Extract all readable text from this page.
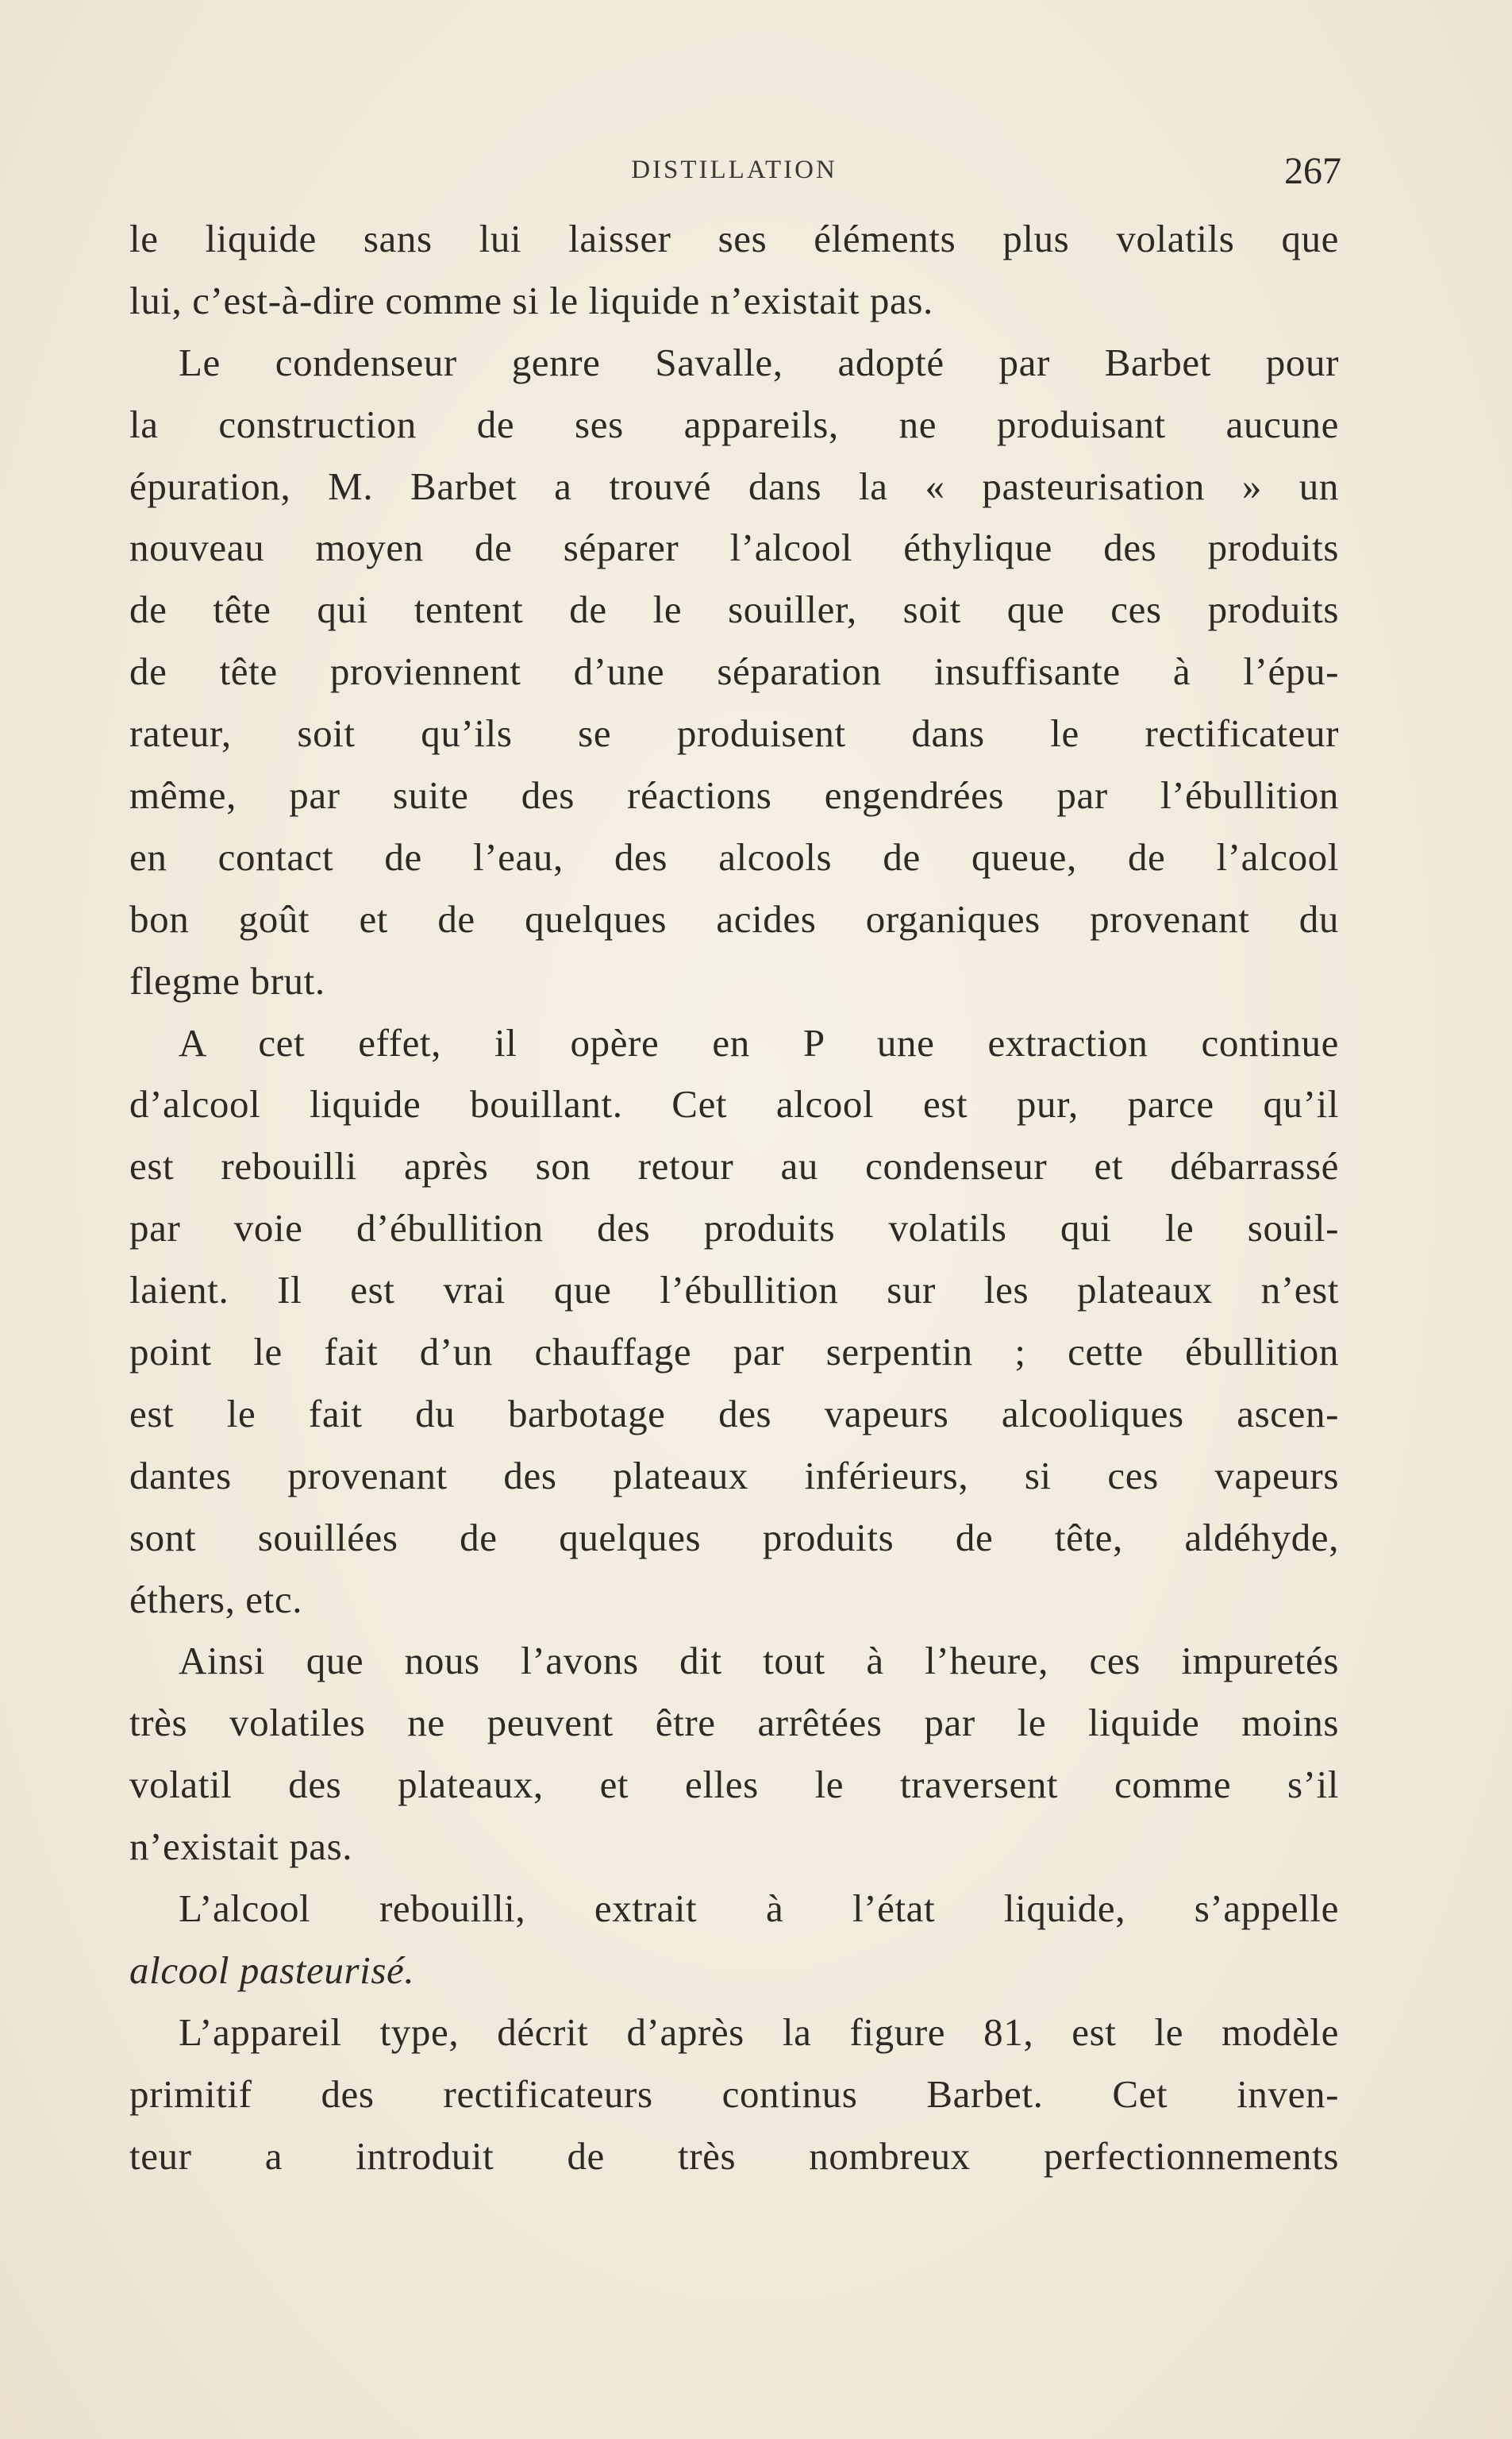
DISTILLATION	267
le liquide sans lui laisser ses éléments plus volatils que
lui, c’est-à-dire comme si le liquide n’existait pas.
Le condenseur genre Savalle, adopté par Barbet pour
la construction de ses appareils, ne produisant aucune
épuration, M. Barbet a trouvé dans la « pasteurisation » un
nouveau moyen de séparer l’alcool éthylique des produits
de tête qui tentent de le souiller, soit que ces produits
de tête proviennent d’une séparation insuffisante à l’épu-
rateur, soit qu’ils se produisent dans le rectificateur
même, par suite des réactions engendrées par l’ébullition
en contact de l’eau, des alcools de queue, de l’alcool
bon goût et de quelques acides organiques provenant du
flegme brut.
A cet effet, il opère en P une extraction continue
d’alcool liquide bouillant. Cet alcool est pur, parce qu’il
est rebouilli après son retour au condenseur et débarrassé
par voie d’ébullition des produits volatils qui le souil-
laient. Il est vrai que l’ébullition sur les plateaux n’est
point le fait d’un chauffage par serpentin ; cette ébullition
est le fait du barbotage des vapeurs alcooliques ascen-
dantes provenant des plateaux inférieurs, si ces vapeurs
sont souillées de quelques produits de tête, aldéhyde,
éthers, etc.
Ainsi que nous l’avons dit tout à l’heure, ces impuretés
très volatiles ne peuvent être arrêtées par le liquide moins
volatil des plateaux, et elles le traversent comme s’il
n’existait pas.
L’alcool rebouilli, extrait à l’état liquide, s’appelle
alcool pasteurisé.
L’appareil type, décrit d’après la figure 81, est le modèle
primitif des rectificateurs continus Barbet. Cet inven-
teur a introduit de très nombreux perfectionnements
